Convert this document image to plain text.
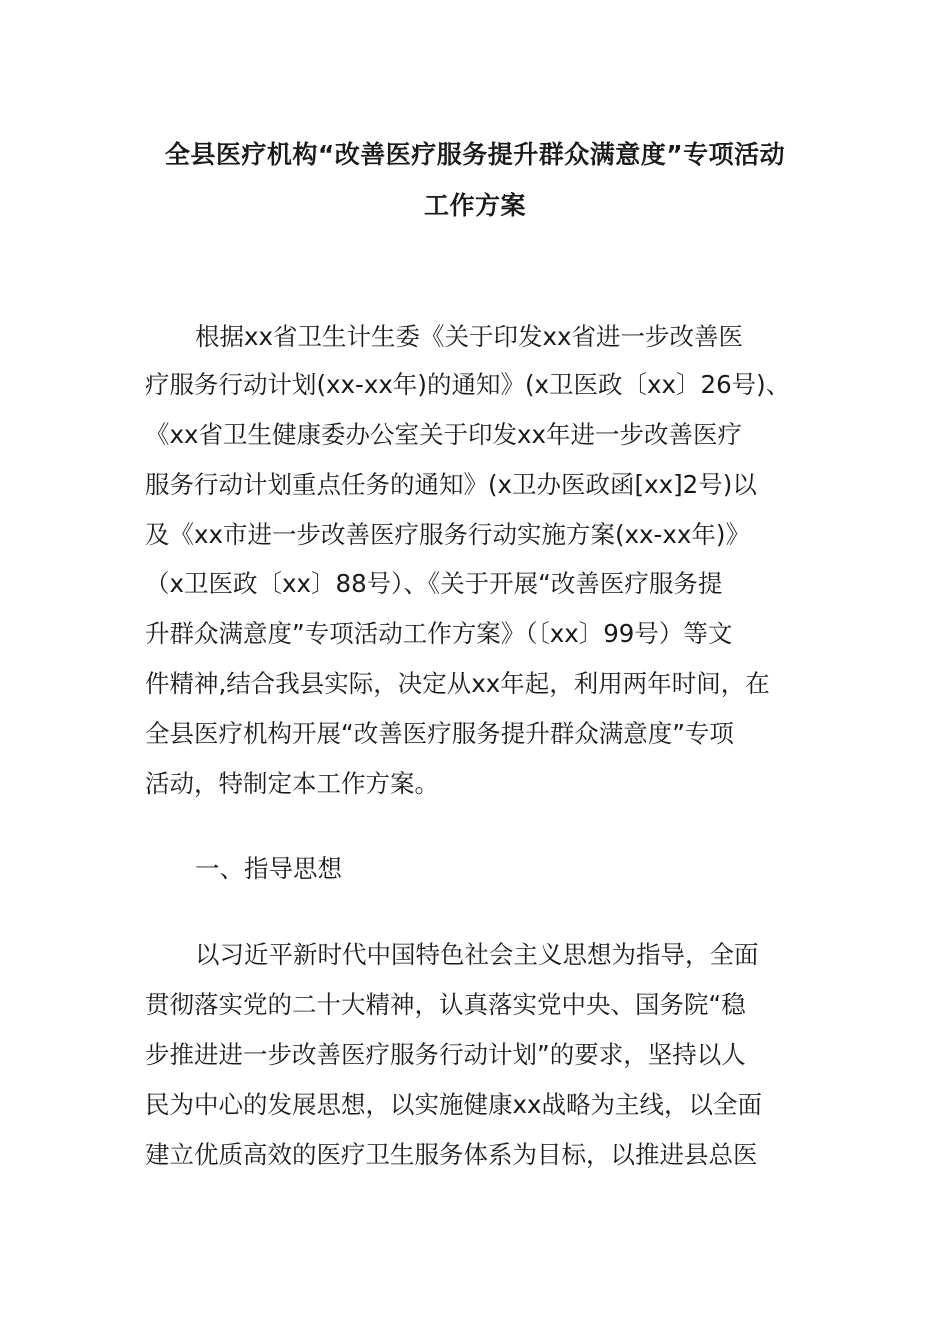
全县医疗机构“改善医疗服务提升群众满意度”专项活动
工作方案
根据xx省卫生计生委《关于印发xx省进一步改善医
疗服务行动计划(xx-xx年)的通知》(x卫医政〔xx〕26号)、
《xx省卫生健康委办公室关于印发xx年进一步改善医疗
服务行动计划重点任务的通知》(x卫办医政函[xx]2号)以
及《xx市进一步改善医疗服务行动实施方案(xx-xx年)》
（x卫医政〔xx〕88号）、《关于开展“改善医疗服务提
升群众满意度”专项活动工作方案》（〔xx〕99号）等文
件精神,结合我县实际，决定从xx年起，利用两年时间，在
全县医疗机构开展“改善医疗服务提升群众满意度”专项
活动，特制定本工作方案。
一、指导思想
以习近平新时代中国特色社会主义思想为指导，全面
贯彻落实党的二十大精神，认真落实党中央、国务院“稳
步推进进一步改善医疗服务行动计划”的要求，坚持以人
民为中心的发展思想，以实施健康xx战略为主线，以全面
建立优质高效的医疗卫生服务体系为目标，以推进县总医
